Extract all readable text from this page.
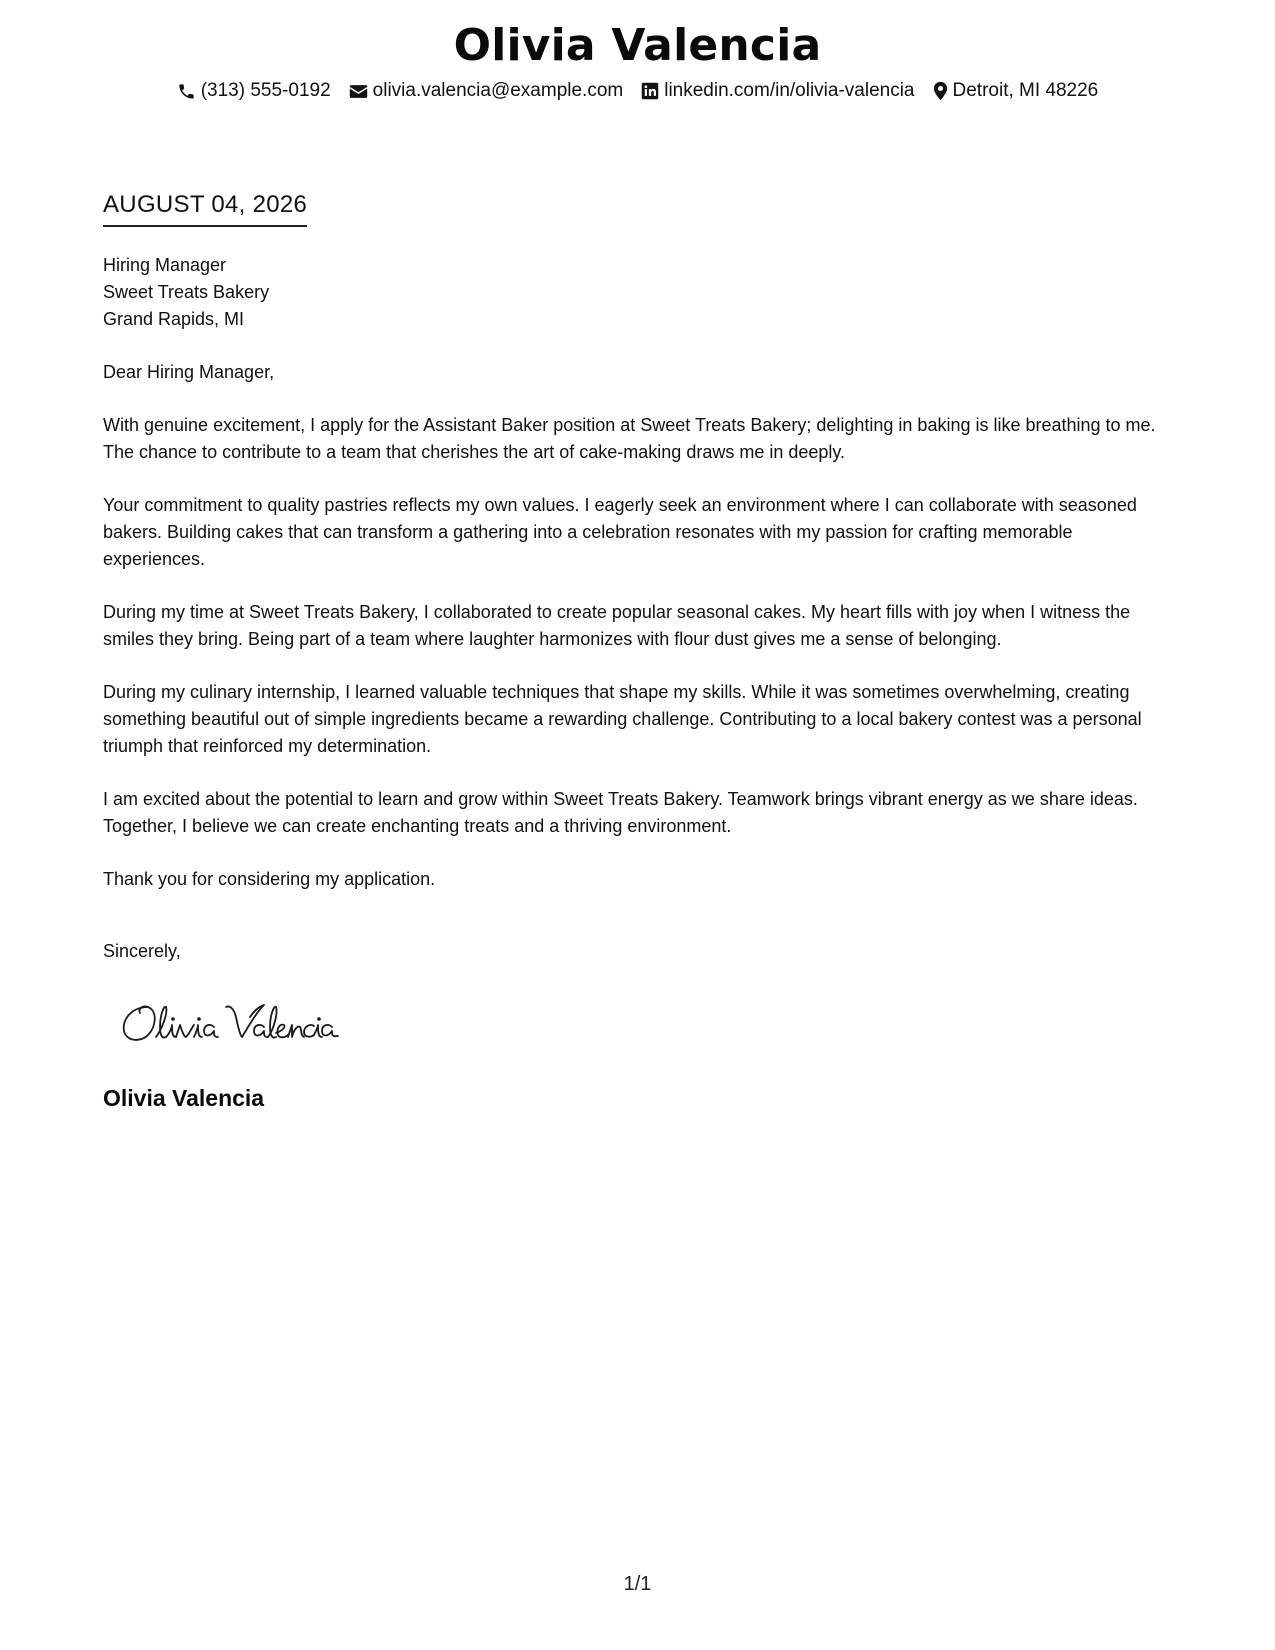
Olivia Valencia
(313) 555-0192 olivia.valencia@example.com linkedin.com/in/olivia-valencia Detroit, MI 48226
AUGUST 04, 2026
Hiring Manager
Sweet Treats Bakery
Grand Rapids, MI

Dear Hiring Manager,

With genuine excitement, I apply for the Assistant Baker position at Sweet Treats Bakery; delighting in baking is like breathing to me. The chance to contribute to a team that cherishes the art of cake-making draws me in deeply.

Your commitment to quality pastries reflects my own values. I eagerly seek an environment where I can collaborate with seasoned bakers. Building cakes that can transform a gathering into a celebration resonates with my passion for crafting memorable experiences.

During my time at Sweet Treats Bakery, I collaborated to create popular seasonal cakes. My heart fills with joy when I witness the smiles they bring. Being part of a team where laughter harmonizes with flour dust gives me a sense of belonging.

During my culinary internship, I learned valuable techniques that shape my skills. While it was sometimes overwhelming, creating something beautiful out of simple ingredients became a rewarding challenge. Contributing to a local bakery contest was a personal triumph that reinforced my determination.

I am excited about the potential to learn and grow within Sweet Treats Bakery. Teamwork brings vibrant energy as we share ideas. Together, I believe we can create enchanting treats and a thriving environment.

Thank you for considering my application.

Sincerely,
Olivia Valencia
1/1
